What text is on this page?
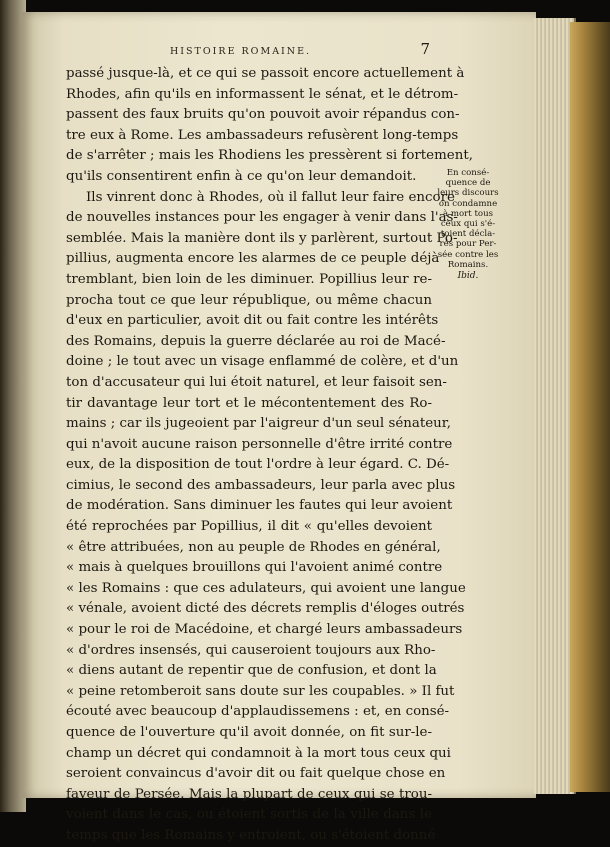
HISTOIRE ROMAINE.	7
passé jusque-là, et ce qui se passoit encore actuellement à
Rhodes, afin qu'ils en informassent le sénat, et le détrom-
passent des faux bruits qu'on pouvoit avoir répandus con-
tre eux à Rome. Les ambassadeurs refusèrent long-temps
de s'arrêter ; mais les Rhodiens les pressèrent si fortement,
qu'ils consentirent enfin à ce qu'on leur demandoit.
Ils vinrent donc à Rhodes, où il fallut leur faire encore
de nouvelles instances pour les engager à venir dans l'as-
semblée. Mais la manière dont ils y parlèrent, surtout Po-
pillius, augmenta encore les alarmes de ce peuple déjà
tremblant, bien loin de les diminuer. Popillius leur re-
procha tout ce que leur république, ou même chacun
d'eux en particulier, avoit dit ou fait contre les intérêts
des Romains, depuis la guerre déclarée au roi de Macé-
doine ; le tout avec un visage enflammé de colère, et d'un
ton d'accusateur qui lui étoit naturel, et leur faisoit sen-
tir davantage leur tort et le mécontentement des Ro-
mains ; car ils jugeoient par l'aigreur d'un seul sénateur,
qui n'avoit aucune raison personnelle d'être irrité contre
eux, de la disposition de tout l'ordre à leur égard. C. Dé-
cimius, le second des ambassadeurs, leur parla avec plus
de modération. Sans diminuer les fautes qui leur avoient
été reprochées par Popillius, il dit « qu'elles devoient
« être attribuées, non au peuple de Rhodes en général,
« mais à quelques brouillons qui l'avoient animé contre
« les Romains : que ces adulateurs, qui avoient une langue
« vénale, avoient dicté des décrets remplis d'éloges outrés
« pour le roi de Macédoine, et chargé leurs ambassadeurs
« d'ordres insensés, qui causeroient toujours aux Rho-
« diens autant de repentir que de confusion, et dont la
« peine retomberoit sans doute sur les coupables. » Il fut
écouté avec beaucoup d'applaudissemens : et, en consé-
quence de l'ouverture qu'il avoit donnée, on fit sur-le-
champ un décret qui condamnoit à la mort tous ceux qui
seroient convaincus d'avoir dit ou fait quelque chose en
faveur de Persée. Mais la plupart de ceux qui se trou-
voient dans le cas, ou étoient sortis de la ville dans le
temps que les Romains y entroient, ou s'étoient donné
En consé-
quence de
leurs discours
on condamne
à mort tous
ceux qui s'é-
toient décla-
rés pour Per-
sée contre les
Romains.
Ibid.
